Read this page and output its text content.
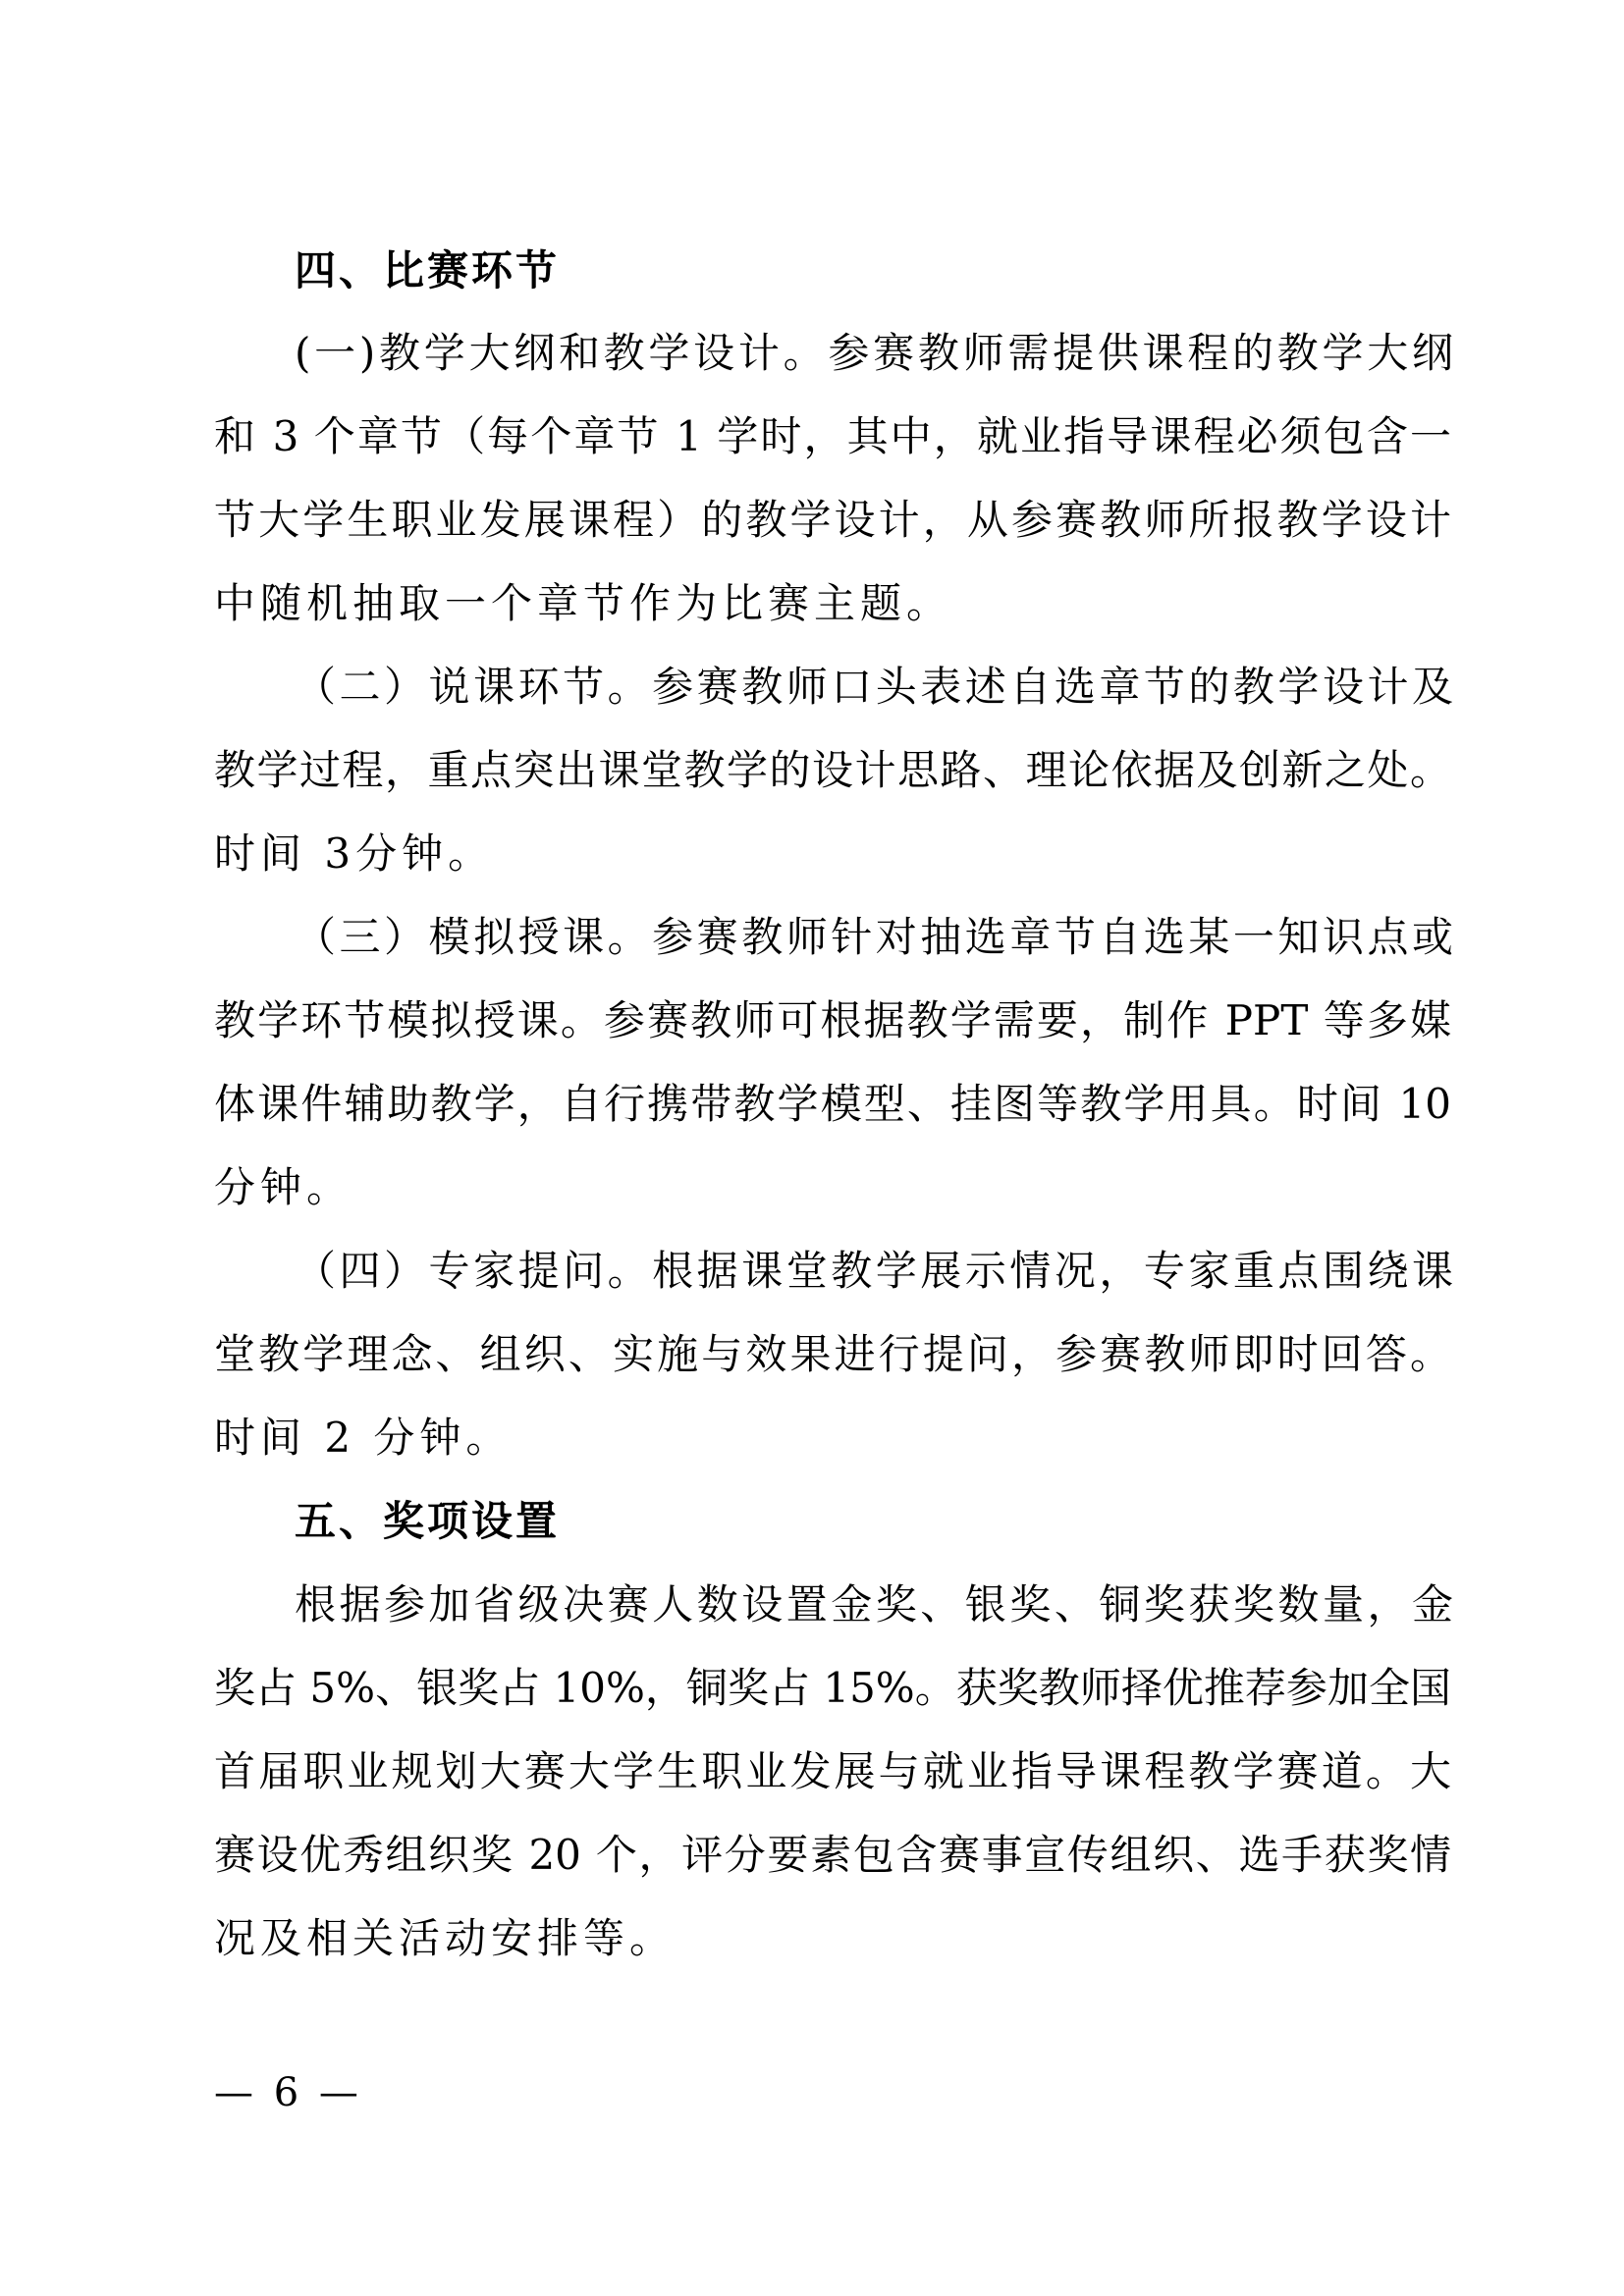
四、比赛环节
(一)教学大纲和教学设计。参赛教师需提供课程的教学大纲
和 3 个章节（每个章节 1 学时，其中，就业指导课程必须包含一
节大学生职业发展课程）的教学设计，从参赛教师所报教学设计
中随机抽取一个章节作为比赛主题。
（二）说课环节。参赛教师口头表述自选章节的教学设计及
教学过程，重点突出课堂教学的设计思路、理论依据及创新之处。
时间 3分钟。
（三）模拟授课。参赛教师针对抽选章节自选某一知识点或
教学环节模拟授课。参赛教师可根据教学需要，制作 PPT 等多媒
体课件辅助教学，自行携带教学模型、挂图等教学用具。时间 10
分钟。
（四）专家提问。根据课堂教学展示情况，专家重点围绕课
堂教学理念、组织、实施与效果进行提问，参赛教师即时回答。
时间 2 分钟。
五、奖项设置
根据参加省级决赛人数设置金奖、银奖、铜奖获奖数量，金
奖占 5%、银奖占 10%，铜奖占 15%。获奖教师择优推荐参加全国
首届职业规划大赛大学生职业发展与就业指导课程教学赛道。大
赛设优秀组织奖 20 个，评分要素包含赛事宣传组织、选手获奖情
况及相关活动安排等。
— 6 —
